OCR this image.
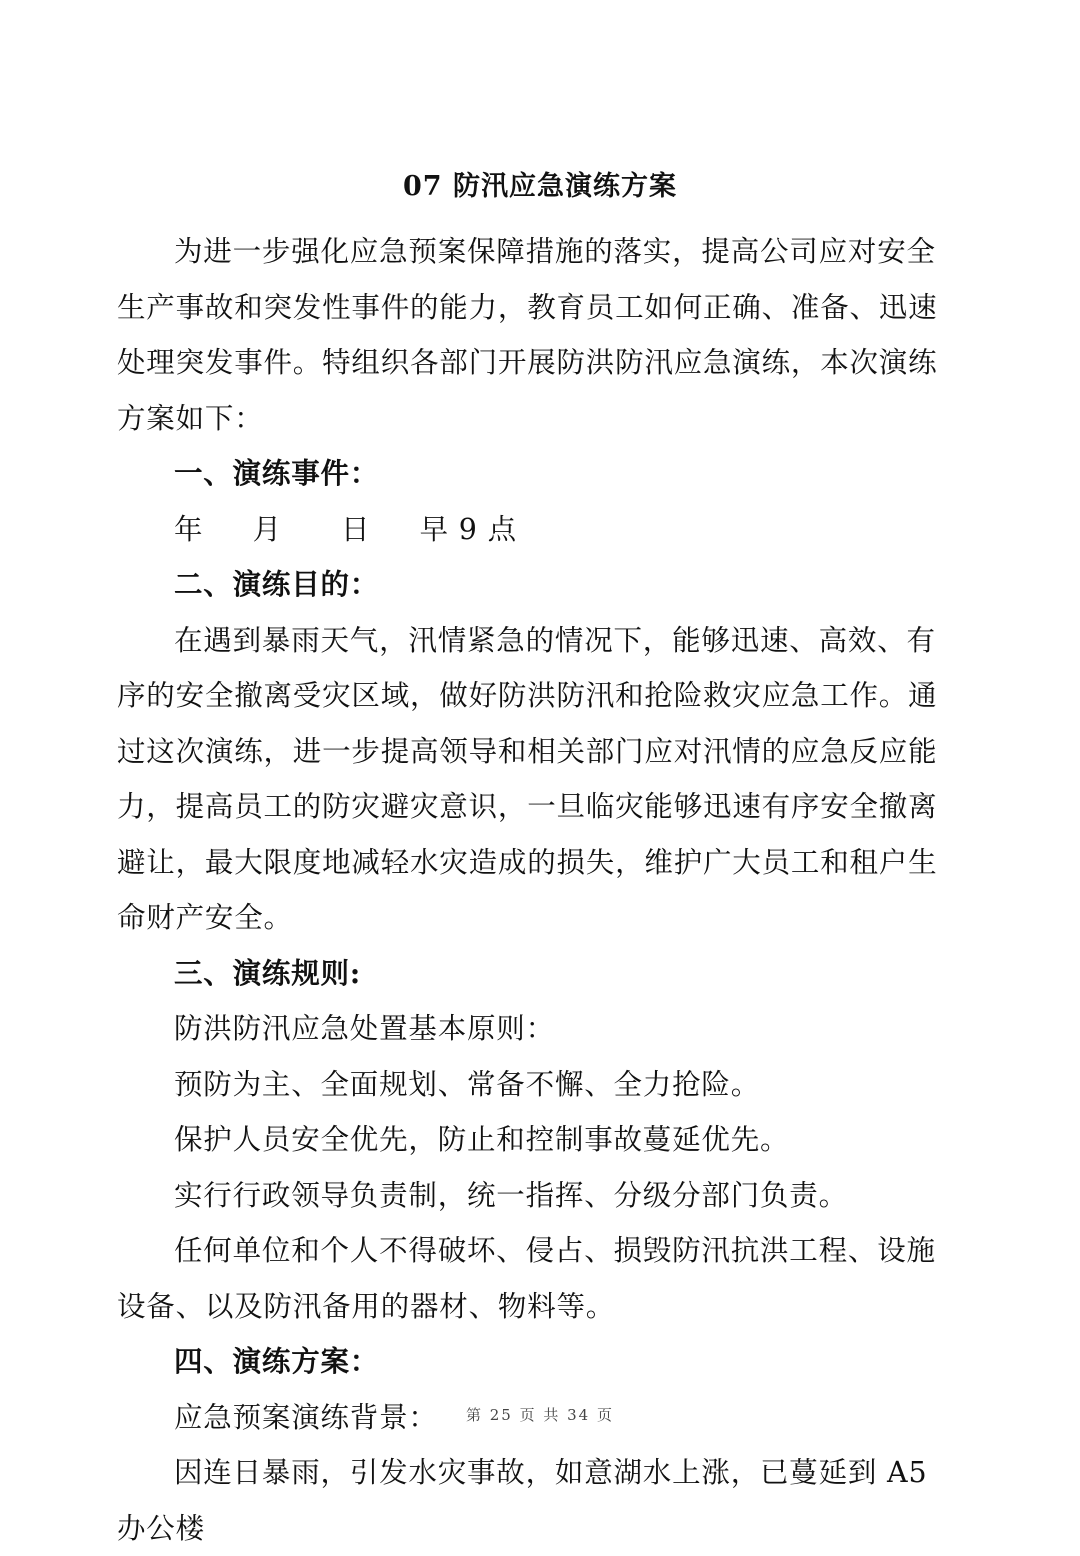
07 防汛应急演练方案

为进一步强化应急预案保障措施的落实，提高公司应对安全生产事故和突发性事件的能力，教育员工如何正确、准备、迅速处理突发事件。特组织各部门开展防洪防汛应急演练，本次演练方案如下：

一、演练事件：

年     月      日     早 9 点

二、演练目的：

在遇到暴雨天气，汛情紧急的情况下，能够迅速、高效、有序的安全撤离受灾区域，做好防洪防汛和抢险救灾应急工作。通过这次演练，进一步提高领导和相关部门应对汛情的应急反应能力，提高员工的防灾避灾意识，一旦临灾能够迅速有序安全撤离避让，最大限度地减轻水灾造成的损失，维护广大员工和租户生命财产安全。

三、演练规则:

防洪防汛应急处置基本原则：

预防为主、全面规划、常备不懈、全力抢险。

保护人员安全优先，防止和控制事故蔓延优先。

实行行政领导负责制，统一指挥、分级分部门负责。

任何单位和个人不得破坏、侵占、损毁防汛抗洪工程、设施设备、以及防汛备用的器材、物料等。

四、演练方案：

应急预案演练背景：

因连日暴雨，引发水灾事故，如意湖水上涨，已蔓延到 A5 办公楼

第 25 页 共 34 页
